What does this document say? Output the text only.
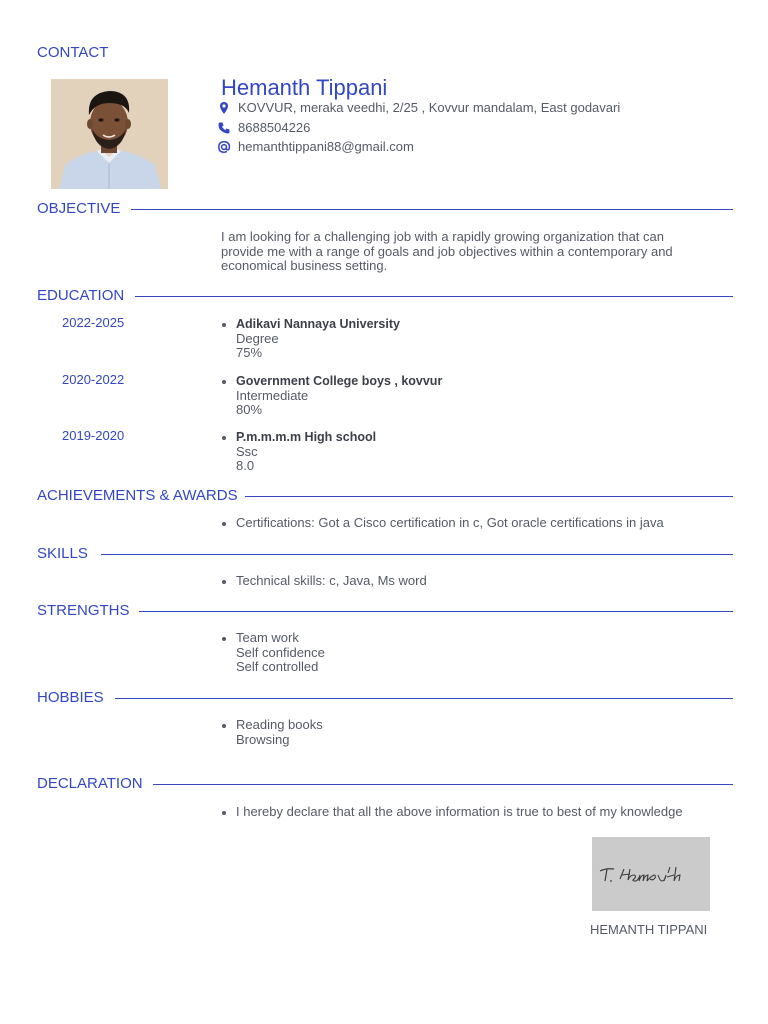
CONTACT
Hemanth Tippani
KOVVUR, meraka veedhi, 2/25 , Kovvur mandalam, East godavari
8688504226
hemanthtippani88@gmail.com
OBJECTIVE
I am looking for a challenging job with a rapidly growing organization that can provide me with a range of goals and job objectives within a contemporary and economical business setting.
EDUCATION
2022-2025	Adikavi Nannaya University
Degree
75%
2020-2022	Government College boys , kovvur
Intermediate
80%
2019-2020	P.m.m.m.m High school
Ssc
8.0
ACHIEVEMENTS & AWARDS
Certifications: Got a Cisco certification in c, Got oracle certifications in java
SKILLS
Technical skills: c, Java, Ms word
STRENGTHS
Team work
Self confidence
Self controlled
HOBBIES
Reading books
Browsing
DECLARATION
I hereby declare that all the above information is true to best of my knowledge
HEMANTH TIPPANI
